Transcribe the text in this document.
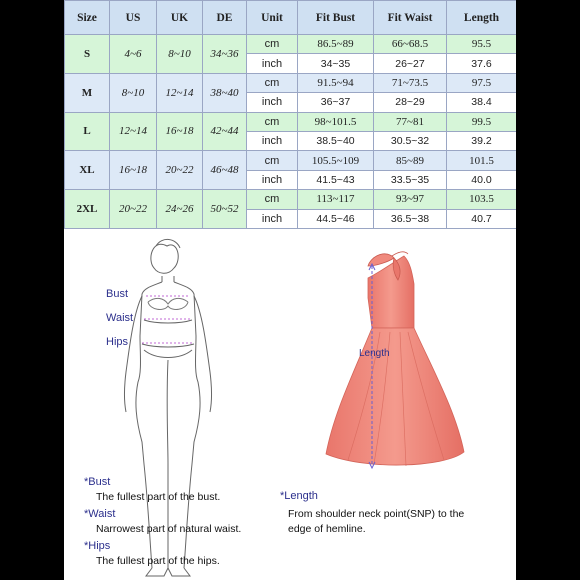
Size	US	UK	DE	Unit	Fit Bust	Fit Waist	Length
S	4~6	8~10	34~36	cm	86.5~89	66~68.5	95.5
				inch	34~35	26~27	37.6
M	8~10	12~14	38~40	cm	91.5~94	71~73.5	97.5
				inch	36~37	28~29	38.4
L	12~14	16~18	42~44	cm	98~101.5	77~81	99.5
				inch	38.5~40	30.5~32	39.2
XL	16~18	20~22	46~48	cm	105.5~109	85~89	101.5
				inch	41.5~43	33.5~35	40.0
2XL	20~22	24~26	50~52	cm	113~117	93~97	103.5
				inch	44.5~46	36.5~38	40.7
Bust
Waist
Hips
Length
*Bust
The fullest part of the bust.
*Waist
Narrowest part of natural waist.
*Hips
The fullest part of the hips.
*Length
From shoulder neck point(SNP) to the
edge of hemline.
